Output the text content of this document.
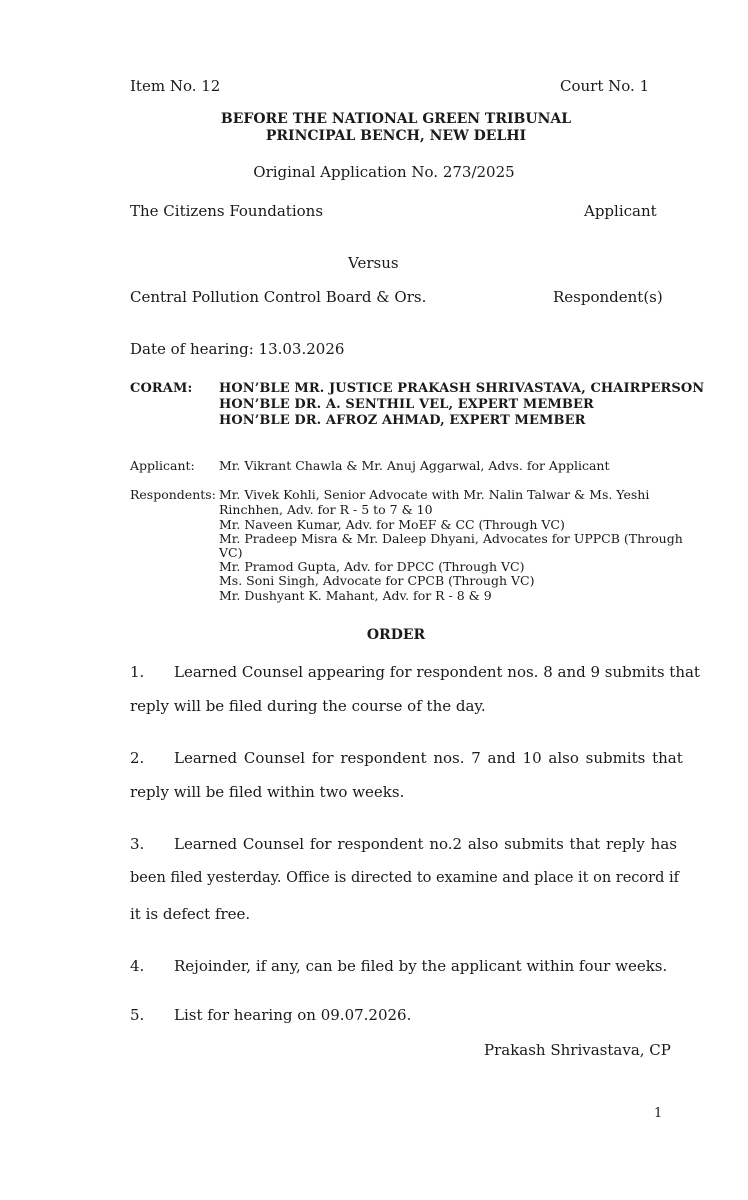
Item No. 12	Court No. 1
BEFORE THE NATIONAL GREEN TRIBUNAL
PRINCIPAL BENCH, NEW DELHI
Original Application No. 273/2025
The Citizens Foundations	Applicant
Versus
Central Pollution Control Board & Ors.	Respondent(s)
Date of hearing: 13.03.2026
CORAM: HON’BLE MR. JUSTICE PRAKASH SHRIVASTAVA, CHAIRPERSON
HON’BLE DR. A. SENTHIL VEL, EXPERT MEMBER
HON’BLE DR. AFROZ AHMAD, EXPERT MEMBER
Applicant: Mr. Vikrant Chawla & Mr. Anuj Aggarwal, Advs. for Applicant
Respondents: Mr. Vivek Kohli, Senior Advocate with Mr. Nalin Talwar & Ms. Yeshi
Rinchhen, Adv. for R - 5 to 7 & 10
Mr. Naveen Kumar, Adv. for MoEF & CC (Through VC)
Mr. Pradeep Misra & Mr. Daleep Dhyani, Advocates for UPPCB (Through
VC)
Mr. Pramod Gupta, Adv. for DPCC (Through VC)
Ms. Soni Singh, Advocate for CPCB (Through VC)
Mr. Dushyant K. Mahant, Adv. for R - 8 & 9
ORDER
1. Learned Counsel appearing for respondent nos. 8 and 9 submits that
reply will be filed during the course of the day.
2. Learned Counsel for respondent nos. 7 and 10 also submits that
reply will be filed within two weeks.
3. Learned Counsel for respondent no.2 also submits that reply has
been filed yesterday. Office is directed to examine and place it on record if
it is defect free.
4. Rejoinder, if any, can be filed by the applicant within four weeks.
5. List for hearing on 09.07.2026.
Prakash Shrivastava, CP
1
